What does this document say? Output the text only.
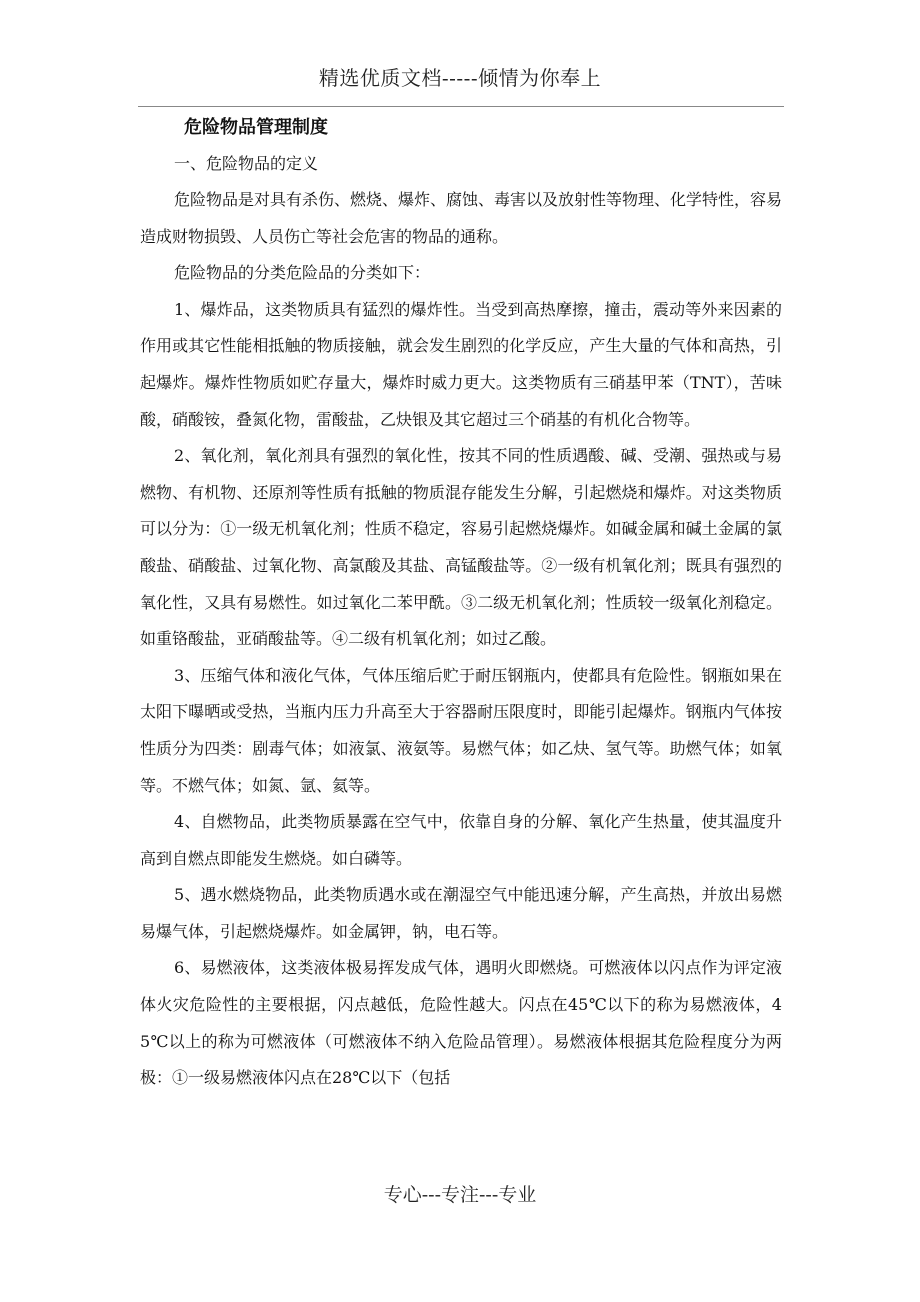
精选优质文档-----倾情为你奉上
危险物品管理制度

一、危险物品的定义

危险物品是对具有杀伤、燃烧、爆炸、腐蚀、毒害以及放射性等物理、化学特性，容易造成财物损毁、人员伤亡等社会危害的物品的通称。

危险物品的分类危险品的分类如下：

1、爆炸品，这类物质具有猛烈的爆炸性。当受到高热摩擦，撞击，震动等外来因素的作用或其它性能相抵触的物质接触，就会发生剧烈的化学反应，产生大量的气体和高热，引起爆炸。爆炸性物质如贮存量大，爆炸时威力更大。这类物质有三硝基甲苯（TNT），苦味酸，硝酸铵，叠氮化物，雷酸盐，乙炔银及其它超过三个硝基的有机化合物等。

2、氧化剂，氧化剂具有强烈的氧化性，按其不同的性质遇酸、碱、受潮、强热或与易燃物、有机物、还原剂等性质有抵触的物质混存能发生分解，引起燃烧和爆炸。对这类物质可以分为：①一级无机氧化剂；性质不稳定，容易引起燃烧爆炸。如碱金属和碱土金属的氯酸盐、硝酸盐、过氧化物、高氯酸及其盐、高锰酸盐等。②一级有机氧化剂；既具有强烈的氧化性，又具有易燃性。如过氧化二苯甲酰。③二级无机氧化剂；性质较一级氧化剂稳定。如重铬酸盐，亚硝酸盐等。④二级有机氧化剂；如过乙酸。

3、压缩气体和液化气体，气体压缩后贮于耐压钢瓶内，使都具有危险性。钢瓶如果在太阳下曝晒或受热，当瓶内压力升高至大于容器耐压限度时，即能引起爆炸。钢瓶内气体按性质分为四类：剧毒气体；如液氯、液氨等。易燃气体；如乙炔、氢气等。助燃气体；如氧等。不燃气体；如氮、氩、氦等。

4、自燃物品，此类物质暴露在空气中，依靠自身的分解、氧化产生热量，使其温度升高到自燃点即能发生燃烧。如白磷等。

5、遇水燃烧物品，此类物质遇水或在潮湿空气中能迅速分解，产生高热，并放出易燃易爆气体，引起燃烧爆炸。如金属钾，钠，电石等。

6、易燃液体，这类液体极易挥发成气体，遇明火即燃烧。可燃液体以闪点作为评定液体火灾危险性的主要根据，闪点越低，危险性越大。闪点在45℃以下的称为易燃液体，45℃以上的称为可燃液体（可燃液体不纳入危险品管理）。易燃液体根据其危险程度分为两极：①一级易燃液体闪点在28℃以下（包括

专心---专注---专业
